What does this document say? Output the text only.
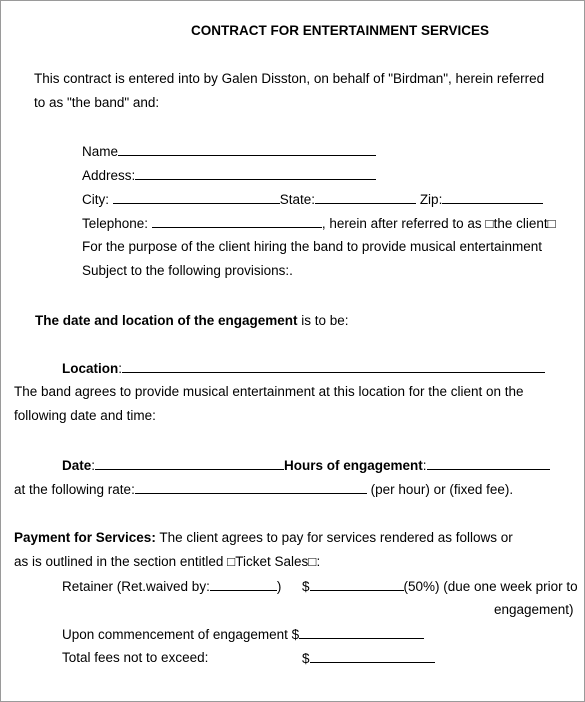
CONTRACT FOR ENTERTAINMENT SERVICES
This contract is entered into by Galen Disston, on behalf of "Birdman", herein referred
to as "the band" and:
Name
Address:
City:	State:	Zip:
Telephone:	, herein after referred to as □the client□
For the purpose of the client hiring the band to provide musical entertainment
Subject to the following provisions:.
The date and location of the engagement is to be:
Location:
The band agrees to provide musical entertainment at this location for the client on the
following date and time:
Date:	Hours of engagement:
at the following rate:	(per hour) or (fixed fee).
Payment for Services: The client agrees to pay for services rendered as follows or
as is outlined in the section entitled □Ticket Sales□:
Retainer (Ret.waived by:	) $	(50%) (due one week prior to
engagement)
Upon commencement of engagement $
Total fees not to exceed:	$
